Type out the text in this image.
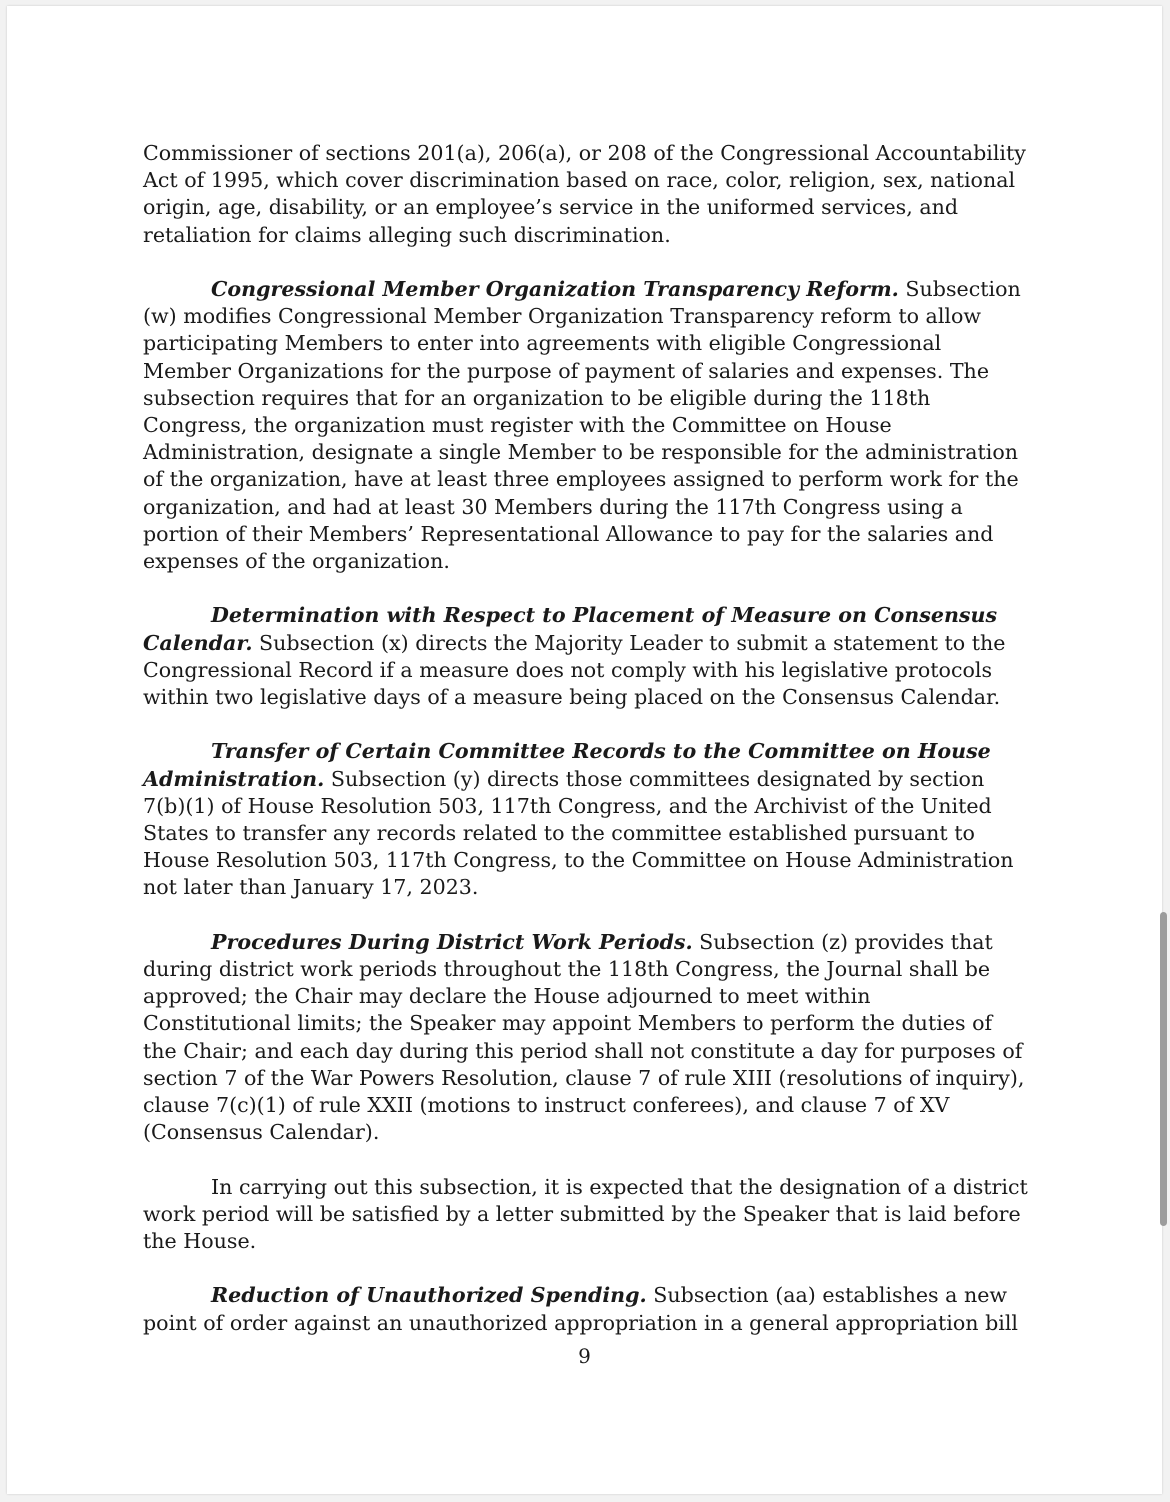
Commissioner of sections 201(a), 206(a), or 208 of the Congressional Accountability
Act of 1995, which cover discrimination based on race, color, religion, sex, national
origin, age, disability, or an employee’s service in the uniformed services, and
retaliation for claims alleging such discrimination.
Congressional Member Organization Transparency Reform. Subsection
(w) modifies Congressional Member Organization Transparency reform to allow
participating Members to enter into agreements with eligible Congressional
Member Organizations for the purpose of payment of salaries and expenses. The
subsection requires that for an organization to be eligible during the 118th
Congress, the organization must register with the Committee on House
Administration, designate a single Member to be responsible for the administration
of the organization, have at least three employees assigned to perform work for the
organization, and had at least 30 Members during the 117th Congress using a
portion of their Members’ Representational Allowance to pay for the salaries and
expenses of the organization.
Determination with Respect to Placement of Measure on Consensus
Calendar. Subsection (x) directs the Majority Leader to submit a statement to the
Congressional Record if a measure does not comply with his legislative protocols
within two legislative days of a measure being placed on the Consensus Calendar.
Transfer of Certain Committee Records to the Committee on House
Administration. Subsection (y) directs those committees designated by section
7(b)(1) of House Resolution 503, 117th Congress, and the Archivist of the United
States to transfer any records related to the committee established pursuant to
House Resolution 503, 117th Congress, to the Committee on House Administration
not later than January 17, 2023.
Procedures During District Work Periods. Subsection (z) provides that
during district work periods throughout the 118th Congress, the Journal shall be
approved; the Chair may declare the House adjourned to meet within
Constitutional limits; the Speaker may appoint Members to perform the duties of
the Chair; and each day during this period shall not constitute a day for purposes of
section 7 of the War Powers Resolution, clause 7 of rule XIII (resolutions of inquiry),
clause 7(c)(1) of rule XXII (motions to instruct conferees), and clause 7 of XV
(Consensus Calendar).
In carrying out this subsection, it is expected that the designation of a district
work period will be satisfied by a letter submitted by the Speaker that is laid before
the House.
Reduction of Unauthorized Spending. Subsection (aa) establishes a new
point of order against an unauthorized appropriation in a general appropriation bill
9
